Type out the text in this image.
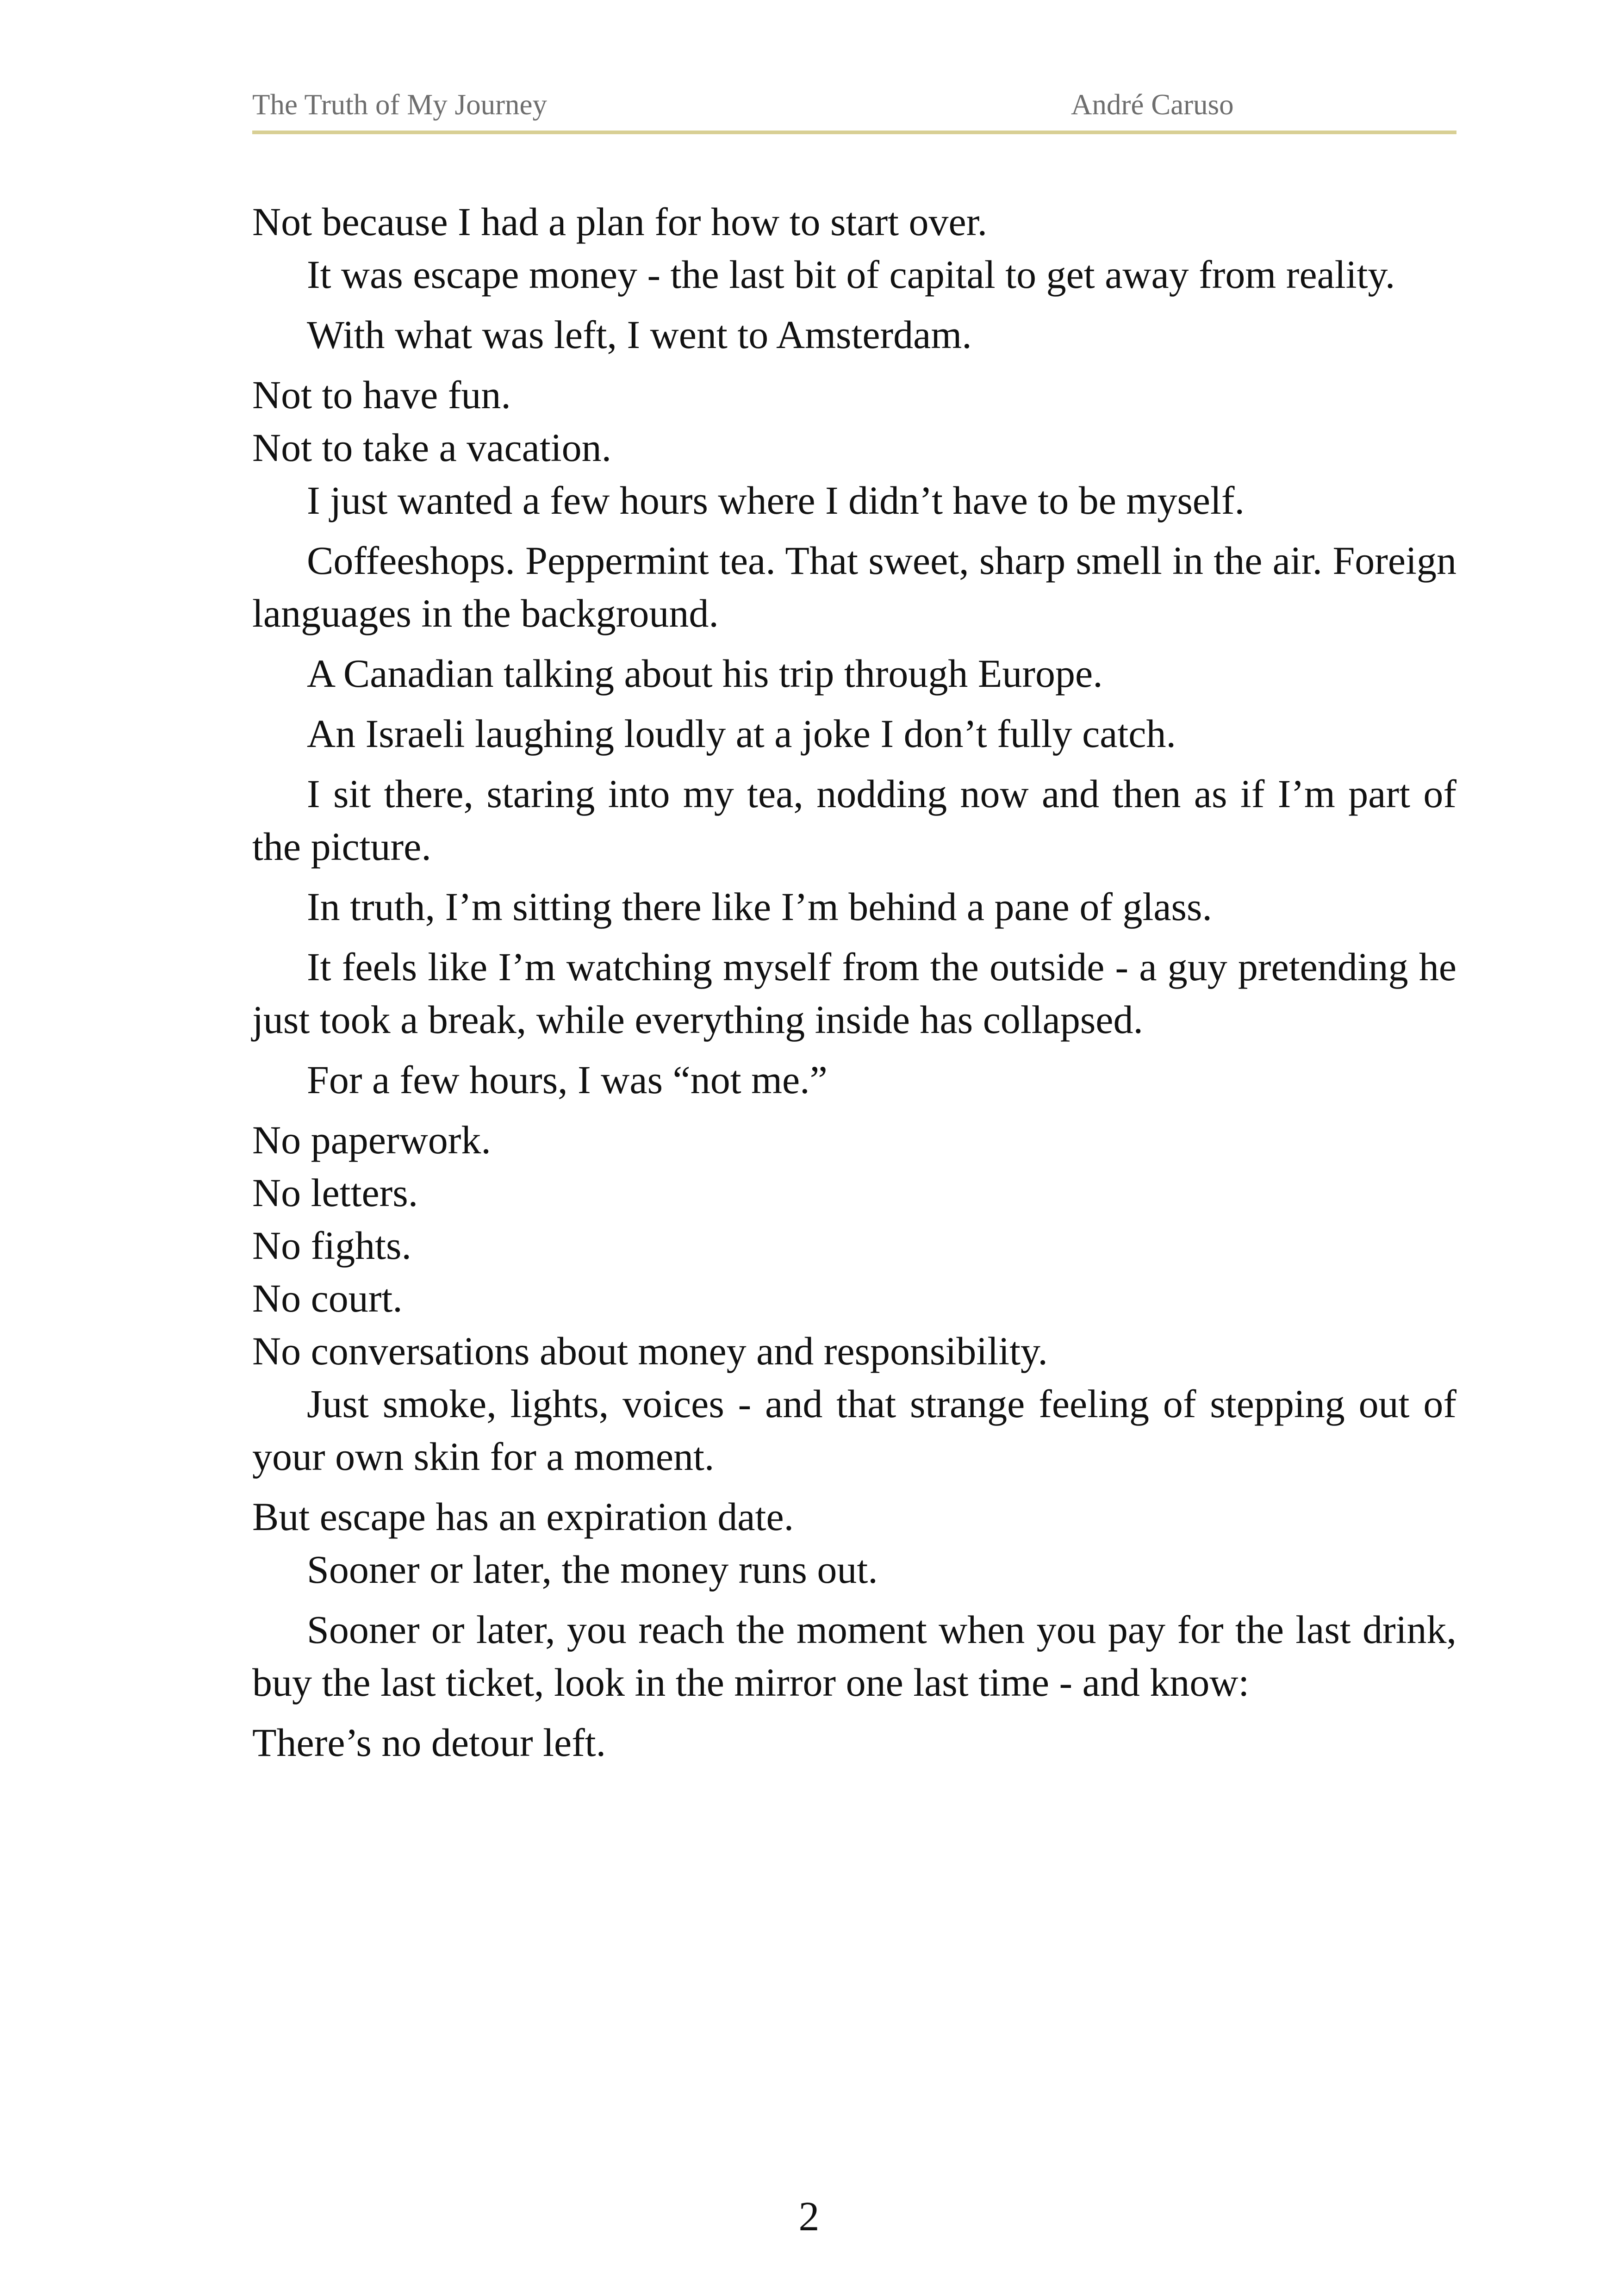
The Truth of My Journey	André Caruso

Not because I had a plan for how to start over.

It was escape money - the last bit of capital to get away from reality.

With what was left, I went to Amsterdam.

Not to have fun.

Not to take a vacation.

I just wanted a few hours where I didn’t have to be myself.

Coffeeshops. Peppermint tea. That sweet, sharp smell in the air. Foreign languages in the background.

A Canadian talking about his trip through Europe.

An Israeli laughing loudly at a joke I don’t fully catch.

I sit there, staring into my tea, nodding now and then as if I’m part of the picture.

In truth, I’m sitting there like I’m behind a pane of glass.

It feels like I’m watching myself from the outside - a guy pretending he just took a break, while everything inside has collapsed.

For a few hours, I was “not me.”

No paperwork.

No letters.

No fights.

No court.

No conversations about money and responsibility.

Just smoke, lights, voices - and that strange feeling of stepping out of your own skin for a moment.

But escape has an expiration date.

Sooner or later, the money runs out.

Sooner or later, you reach the moment when you pay for the last drink, buy the last ticket, look in the mirror one last time - and know:

There’s no detour left.

2
